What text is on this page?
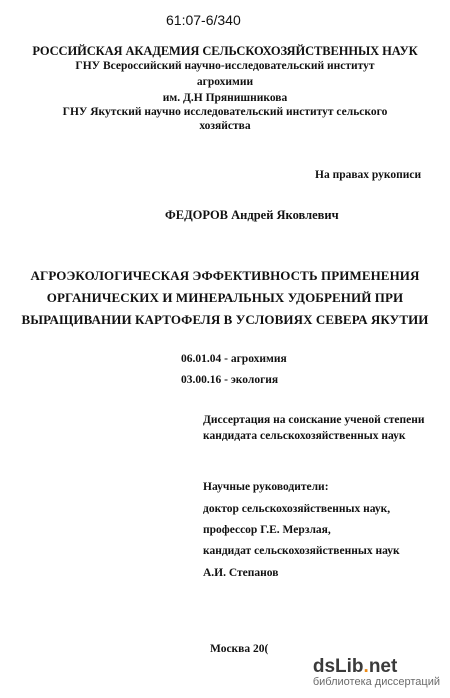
61:07-6/340
РОССИЙСКАЯ АКАДЕМИЯ СЕЛЬСКОХОЗЯЙСТВЕННЫХ НАУК
ГНУ Всероссийский научно-исследовательский институт
агрохимии
им. Д.Н Прянишникова
ГНУ Якутский научно исследовательский институт сельского
хозяйства
На правах рукописи
ФЕДОРОВ Андрей Яковлевич
АГРОЭКОЛОГИЧЕСКАЯ ЭФФЕКТИВНОСТЬ ПРИМЕНЕНИЯ
ОРГАНИЧЕСКИХ И МИНЕРАЛЬНЫХ УДОБРЕНИЙ ПРИ
ВЫРАЩИВАНИИ КАРТОФЕЛЯ В УСЛОВИЯХ СЕВЕРА ЯКУТИИ
06.01.04 - агрохимия
03.00.16 - экология
Диссертация на соискание ученой степени
кандидата сельскохозяйственных наук
Научные руководители:
доктор сельскохозяйственных наук,
профессор Г.Е. Мерзлая,
кандидат сельскохозяйственных наук
А.И. Степанов
Москва 20(
dsLib.net
библиотека диссертаций
